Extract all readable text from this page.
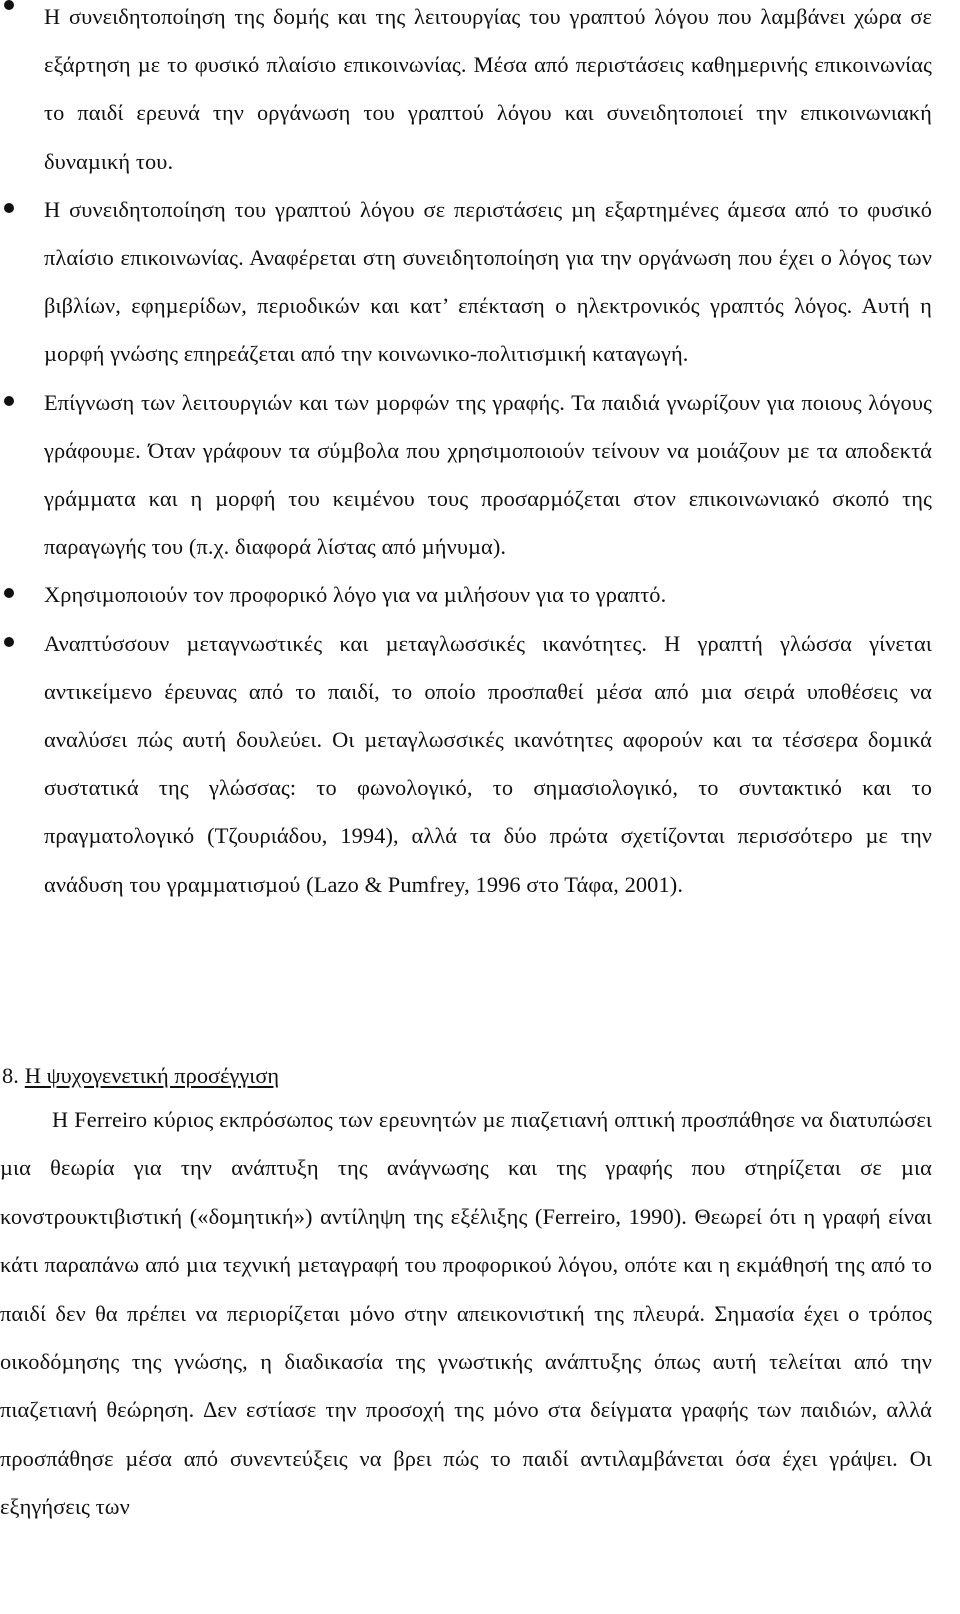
Η συνειδητοποίηση της δοµής και της λειτουργίας του γραπτού λόγου που λαµβάνει χώρα σε εξάρτηση µε το φυσικό πλαίσιο επικοινωνίας. Μέσα από περιστάσεις καθηµερινής επικοινωνίας το παιδί ερευνά την οργάνωση του γραπτού λόγου και συνειδητοποιεί την επικοινωνιακή δυναµική του.
Η συνειδητοποίηση του γραπτού λόγου σε περιστάσεις µη εξαρτηµένες άµεσα από το φυσικό πλαίσιο επικοινωνίας. Αναφέρεται στη συνειδητοποίηση για την οργάνωση που έχει ο λόγος των βιβλίων, εφηµερίδων, περιοδικών και κατ’ επέκταση ο ηλεκτρονικός γραπτός λόγος. Αυτή η µορφή γνώσης επηρεάζεται από την κοινωνικο-πολιτισµική καταγωγή.
Επίγνωση των λειτουργιών και των µορφών της γραφής. Τα παιδιά γνωρίζουν για ποιους λόγους γράφουµε. Όταν γράφουν τα σύµβολα που χρησιµοποιούν τείνουν να µοιάζουν µε τα αποδεκτά γράµµατα και η µορφή του κειµένου τους προσαρµόζεται στον επικοινωνιακό σκοπό της παραγωγής του (π.χ. διαφορά λίστας από µήνυµα).
Χρησιµοποιούν τον προφορικό λόγο για να µιλήσουν για το γραπτό.
Αναπτύσσουν µεταγνωστικές και µεταγλωσσικές ικανότητες. Η γραπτή γλώσσα γίνεται αντικείµενο έρευνας από το παιδί, το οποίο προσπαθεί µέσα από µια σειρά υποθέσεις να αναλύσει πώς αυτή δουλεύει. Οι µεταγλωσσικές ικανότητες αφορούν και τα τέσσερα δοµικά συστατικά της γλώσσας: το φωνολογικό, το σηµασιολογικό, το συντακτικό και το πραγµατολογικό (Τζουριάδου, 1994), αλλά τα δύο πρώτα σχετίζονται περισσότερο µε την ανάδυση του γραµµατισµού (Lazo & Pumfrey, 1996 στο Τάφα, 2001).
8. Η ψυχογενετική προσέγγιση

Η Ferreiro κύριος εκπρόσωπος των ερευνητών µε πιαζετιανή οπτική προσπάθησε να διατυπώσει µια θεωρία για την ανάπτυξη της ανάγνωσης και της γραφής που στηρίζεται σε µια κονστρουκτιβιστική («δοµητική») αντίληψη της εξέλιξης (Ferreiro, 1990). Θεωρεί ότι η γραφή είναι κάτι παραπάνω από µια τεχνική µεταγραφή του προφορικού λόγου, οπότε και η εκµάθησή της από το παιδί δεν θα πρέπει να περιορίζεται µόνο στην απεικονιστική της πλευρά. Σηµασία έχει ο τρόπος οικοδόµησης της γνώσης, η διαδικασία της γνωστικής ανάπτυξης όπως αυτή τελείται από την πιαζετιανή θεώρηση. ∆εν εστίασε την προσοχή της µόνο στα δείγµατα γραφής των παιδιών, αλλά προσπάθησε µέσα από συνεντεύξεις να βρει πώς το παιδί αντιλαµβάνεται όσα έχει γράψει. Οι εξηγήσεις των
